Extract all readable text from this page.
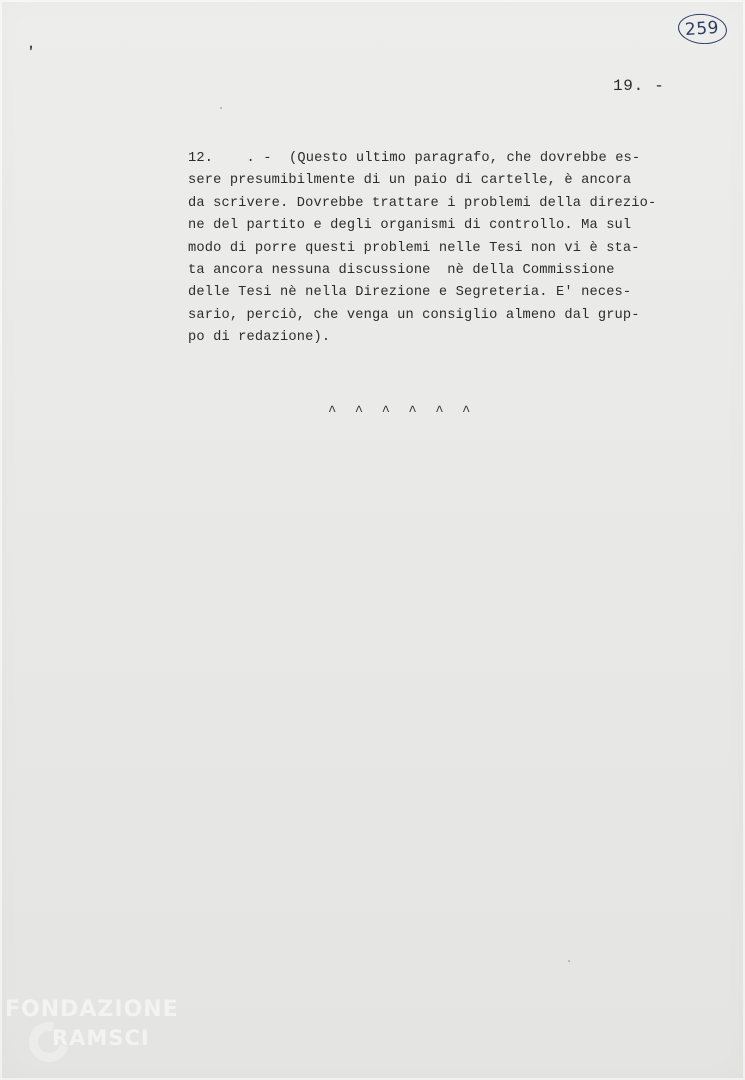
259
,
19. -
12.    . - (Questo ultimo paragrafo, che dovrebbe es-
sere presumibilmente di un paio di cartelle, è ancora
da scrivere. Dovrebbe trattare i problemi della direzio-
ne del partito e degli organismi di controllo. Ma sul
modo di porre questi problemi nelle Tesi non vi è sta-
ta ancora nessuna discussione  nè della Commissione
delle Tesi nè nella Direzione e Segreteria. E' neces-
sario, perciò, che venga un consiglio almeno dal grup-
po di redazione).
^ ^ ^ ^ ^ ^
FONDAZIONE
RAMSCI
